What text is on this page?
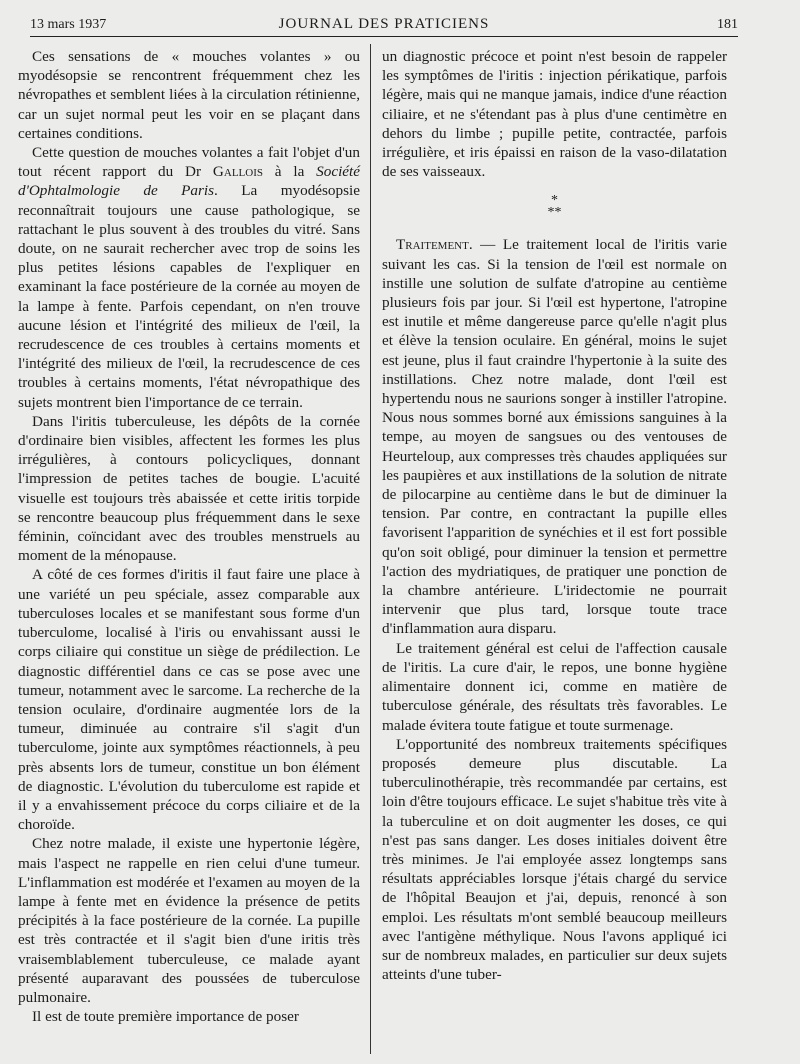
13 mars 1937	JOURNAL DES PRATICIENS	181

Ces sensations de « mouches volantes » ou myodésopsie se rencontrent fréquemment chez les névropathes et semblent liées à la circulation rétinienne, car un sujet normal peut les voir en se plaçant dans certaines conditions.

Cette question de mouches volantes a fait l'objet d'un tout récent rapport du Dr Gallois à la Société d'Ophtalmologie de Paris. La myodésopsie reconnaîtrait toujours une cause pathologique, se rattachant le plus souvent à des troubles du vitré. Sans doute, on ne saurait rechercher avec trop de soins les plus petites lésions capables de l'expliquer en examinant la face postérieure de la cornée au moyen de la lampe à fente. Parfois cependant, on n'en trouve aucune lésion et l'intégrité des milieux de l'œil, la recrudescence de ces troubles à certains moments et l'intégrité des milieux de l'œil, la recrudescence de ces troubles à certains moments, l'état névropathique des sujets montrent bien l'importance de ce terrain.

Dans l'iritis tuberculeuse, les dépôts de la cornée d'ordinaire bien visibles, affectent les formes les plus irrégulières, à contours policycliques, donnant l'impression de petites taches de bougie. L'acuité visuelle est toujours très abaissée et cette iritis torpide se rencontre beaucoup plus fréquemment dans le sexe féminin, coïncidant avec des troubles menstruels au moment de la ménopause.

A côté de ces formes d'iritis il faut faire une place à une variété un peu spéciale, assez comparable aux tuberculoses locales et se manifestant sous forme d'un tuberculome, localisé à l'iris ou envahissant aussi le corps ciliaire qui constitue un siège de prédilection. Le diagnostic différentiel dans ce cas se pose avec une tumeur, notamment avec le sarcome. La recherche de la tension oculaire, d'ordinaire augmentée lors de la tumeur, diminuée au contraire s'il s'agit d'un tuberculome, jointe aux symptômes réactionnels, à peu près absents lors de tumeur, constitue un bon élément de diagnostic. L'évolution du tuberculome est rapide et il y a envahissement précoce du corps ciliaire et de la choroïde.

Chez notre malade, il existe une hypertonie légère, mais l'aspect ne rappelle en rien celui d'une tumeur. L'inflammation est modérée et l'examen au moyen de la lampe à fente met en évidence la présence de petits précipités à la face postérieure de la cornée. La pupille est très contractée et il s'agit bien d'une iritis très vraisemblablement tuberculeuse, ce malade ayant présenté auparavant des poussées de tuberculose pulmonaire.

Il est de toute première importance de poser

un diagnostic précoce et point n'est besoin de rappeler les symptômes de l'iritis : injection périkatique, parfois légère, mais qui ne manque jamais, indice d'une réaction ciliaire, et ne s'étendant pas à plus d'une centimètre en dehors du limbe ; pupille petite, contractée, parfois irrégulière, et iris épaissi en raison de la vaso-dilatation de ses vaisseaux.

*
**

Traitement. — Le traitement local de l'iritis varie suivant les cas. Si la tension de l'œil est normale on instille une solution de sulfate d'atropine au centième plusieurs fois par jour. Si l'œil est hypertone, l'atropine est inutile et même dangereuse parce qu'elle n'agit plus et élève la tension oculaire. En général, moins le sujet est jeune, plus il faut craindre l'hypertonie à la suite des instillations. Chez notre malade, dont l'œil est hypertendu nous ne saurions songer à instiller l'atropine. Nous nous sommes borné aux émissions sanguines à la tempe, au moyen de sangsues ou des ventouses de Heurteloup, aux compresses très chaudes appliquées sur les paupières et aux instillations de la solution de nitrate de pilocarpine au centième dans le but de diminuer la tension. Par contre, en contractant la pupille elles favorisent l'apparition de synéchies et il est fort possible qu'on soit obligé, pour diminuer la tension et permettre l'action des mydriatiques, de pratiquer une ponction de la chambre antérieure. L'iridectomie ne pourrait intervenir que plus tard, lorsque toute trace d'inflammation aura disparu.

Le traitement général est celui de l'affection causale de l'iritis. La cure d'air, le repos, une bonne hygiène alimentaire donnent ici, comme en matière de tuberculose générale, des résultats très favorables. Le malade évitera toute fatigue et toute surmenage.

L'opportunité des nombreux traitements spécifiques proposés demeure plus discutable. La tuberculinothérapie, très recommandée par certains, est loin d'être toujours efficace. Le sujet s'habitue très vite à la tuberculine et on doit augmenter les doses, ce qui n'est pas sans danger. Les doses initiales doivent être très minimes. Je l'ai employée assez longtemps sans résultats appréciables lorsque j'étais chargé du service de l'hôpital Beaujon et j'ai, depuis, renoncé à son emploi. Les résultats m'ont semblé beaucoup meilleurs avec l'antigène méthylique. Nous l'avons appliqué ici sur de nombreux malades, en particulier sur deux sujets atteints d'une tuber-
